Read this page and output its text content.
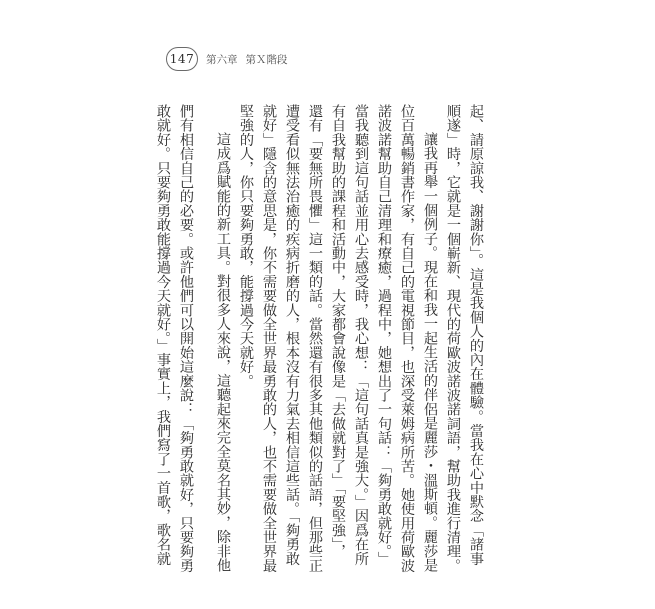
147	第六章 第Ｘ階段
起、請原諒我、謝謝你」。這是我個人的內在體驗。當我在心中默念「諸事
順遂」時，它就是一個嶄新、現代的荷歐波諾波諾詞語，幫助我進行清理。
讓我再舉一個例子。現在和我一起生活的伴侶是麗莎・溫斯頓。麗莎是
位百萬暢銷書作家，有自己的電視節目，也深受萊姆病所苦。她使用荷歐波
諾波諾幫助自己清理和療癒，過程中，她想出了一句話：「夠勇敢就好。」
當我聽到這句話並用心去感受時，我心想：「這句話真是強大。」因爲在所
有自我幫助的課程和活動中，大家都會說像是「去做就對了」「要堅強」，
還有「要無所畏懼」這一類的話。當然還有很多其他類似的話語，但那些正
遭受看似無法治癒的疾病折磨的人，根本沒有力氣去相信這些話。「夠勇敢
就好」隱含的意思是，你不需要做全世界最勇敢的人，也不需要做全世界最
堅強的人，你只要夠勇敢，能撐過今天就好。
這成爲賦能的新工具。對很多人來說，這聽起來完全莫名其妙，除非他
們有相信自己的必要。或許他們可以開始這麼說：「夠勇敢就好，只要夠勇
敢就好。只要夠勇敢能撐過今天就好。」事實上，我們寫了一首歌，歌名就
